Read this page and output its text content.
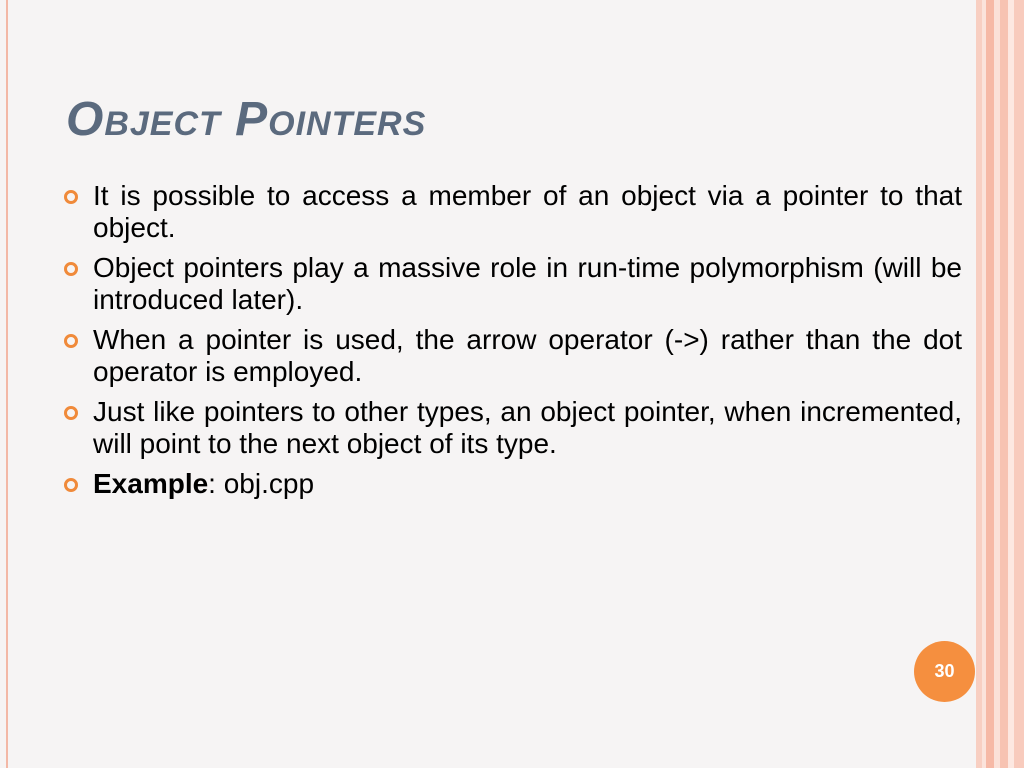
Object Pointers
It is possible to access a member of an object via a pointer to that object.
Object pointers play a massive role in run-time polymorphism (will be introduced later).
When a pointer is used, the arrow operator (->) rather than the dot operator is employed.
Just like pointers to other types, an object pointer, when incremented, will point to the next object of its type.
Example: obj.cpp
30
